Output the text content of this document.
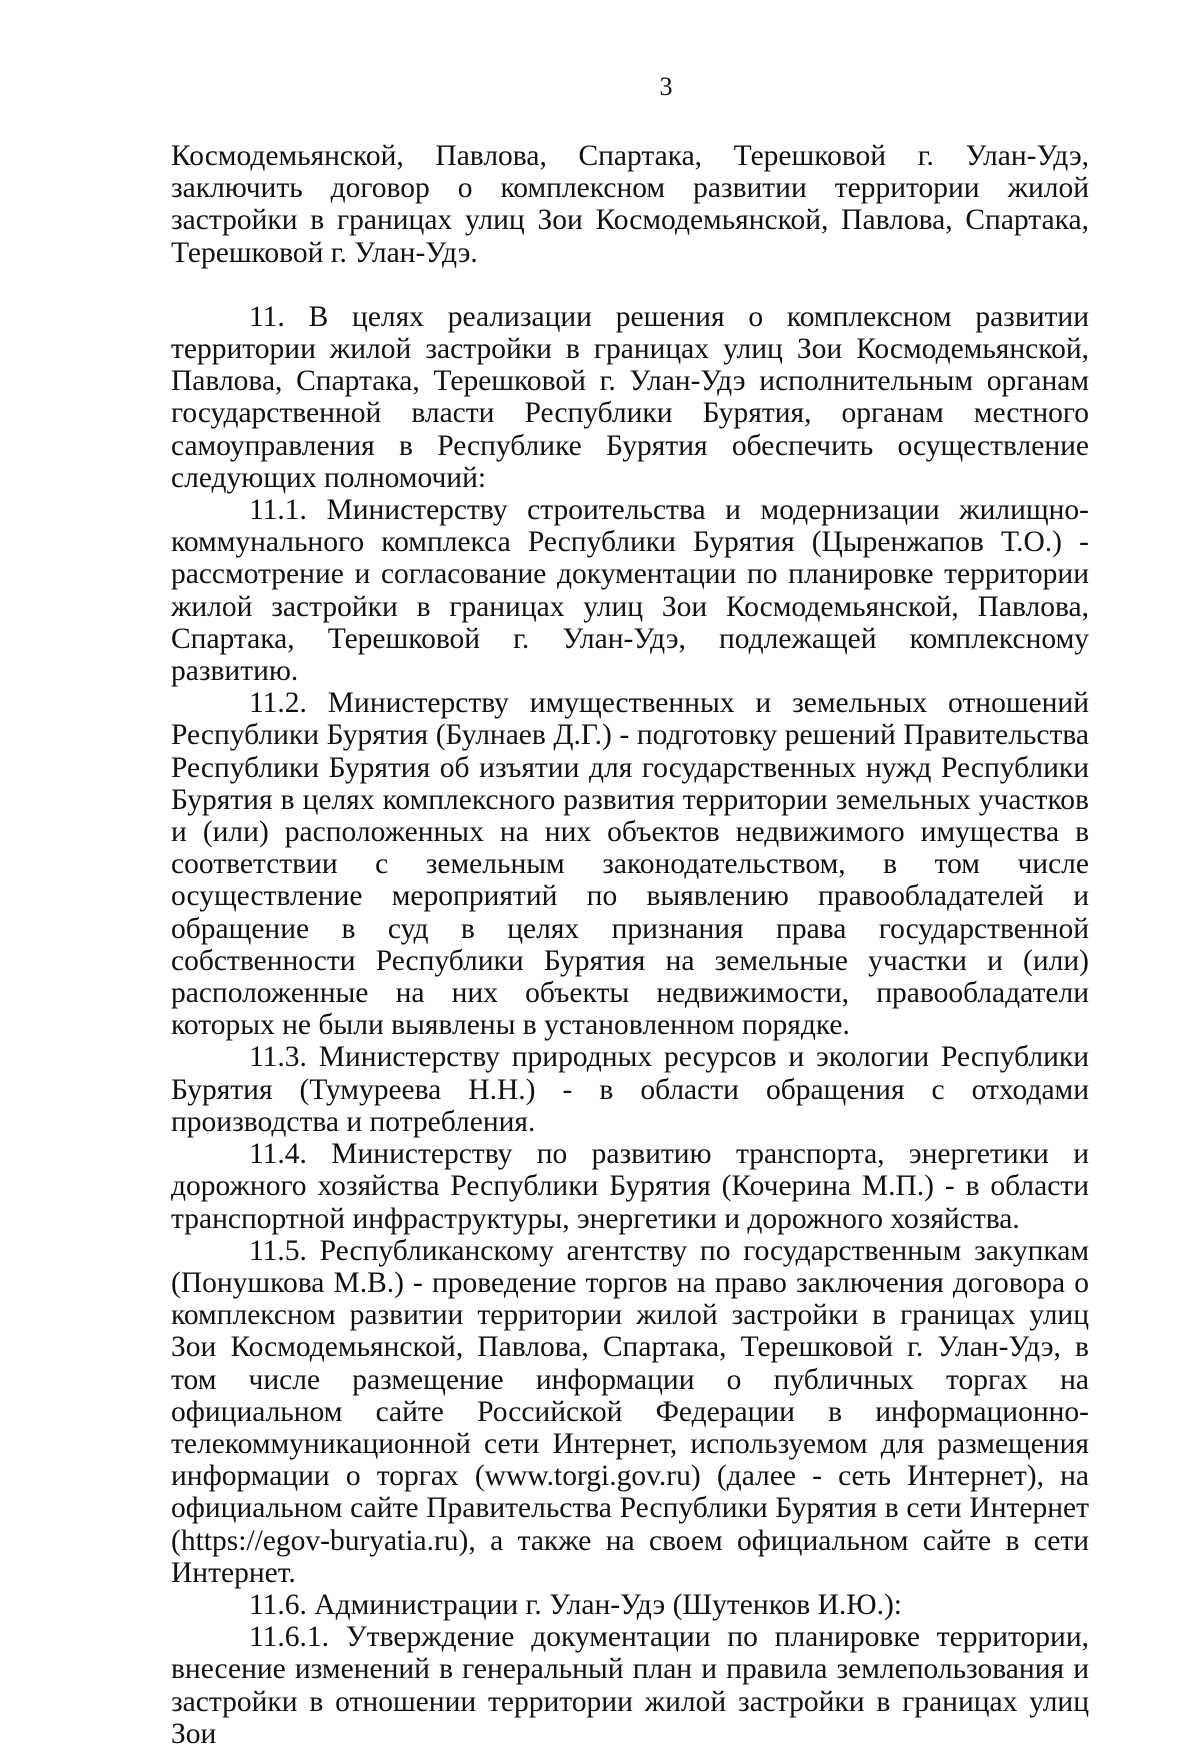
3

Космодемьянской, Павлова, Спартака, Терешковой г. Улан-Удэ, заключить договор о комплексном развитии территории жилой застройки в границах улиц Зои Космодемьянской, Павлова, Спартака, Терешковой г. Улан-Удэ.

11. В целях реализации решения о комплексном развитии территории жилой застройки в границах улиц Зои Космодемьянской, Павлова, Спартака, Терешковой г. Улан-Удэ исполнительным органам государственной власти Республики Бурятия, органам местного самоуправления в Республике Бурятия обеспечить осуществление следующих полномочий:

11.1. Министерству строительства и модернизации жилищно-коммунального комплекса Республики Бурятия (Цыренжапов Т.О.) - рассмотрение и согласование документации по планировке территории жилой застройки в границах улиц Зои Космодемьянской, Павлова, Спартака, Терешковой г. Улан-Удэ, подлежащей комплексному развитию.

11.2. Министерству имущественных и земельных отношений Республики Бурятия (Булнаев Д.Г.) - подготовку решений Правительства Республики Бурятия об изъятии для государственных нужд Республики Бурятия в целях комплексного развития территории земельных участков и (или) расположенных на них объектов недвижимого имущества в соответствии с земельным законодательством, в том числе осуществление мероприятий по выявлению правообладателей и обращение в суд в целях признания права государственной собственности Республики Бурятия на земельные участки и (или) расположенные на них объекты недвижимости, правообладатели которых не были выявлены в установленном порядке.

11.3. Министерству природных ресурсов и экологии Республики Бурятия (Тумуреева Н.Н.) - в области обращения с отходами производства и потребления.

11.4. Министерству по развитию транспорта, энергетики и дорожного хозяйства Республики Бурятия (Кочерина М.П.) - в области транспортной инфраструктуры, энергетики и дорожного хозяйства.

11.5. Республиканскому агентству по государственным закупкам (Понушкова М.В.) - проведение торгов на право заключения договора о комплексном развитии территории жилой застройки в границах улиц Зои Космодемьянской, Павлова, Спартака, Терешковой г. Улан-Удэ, в том числе размещение информации о публичных торгах на официальном сайте Российской Федерации в информационно-телекоммуникационной сети Интернет, используемом для размещения информации о торгах (www.torgi.gov.ru) (далее - сеть Интернет), на официальном сайте Правительства Республики Бурятия в сети Интернет (https://egov-buryatia.ru), а также на своем официальном сайте в сети Интернет.

11.6. Администрации г. Улан-Удэ (Шутенков И.Ю.):

11.6.1. Утверждение документации по планировке территории, внесение изменений в генеральный план и правила землепользования и застройки в отношении территории жилой застройки в границах улиц Зои
